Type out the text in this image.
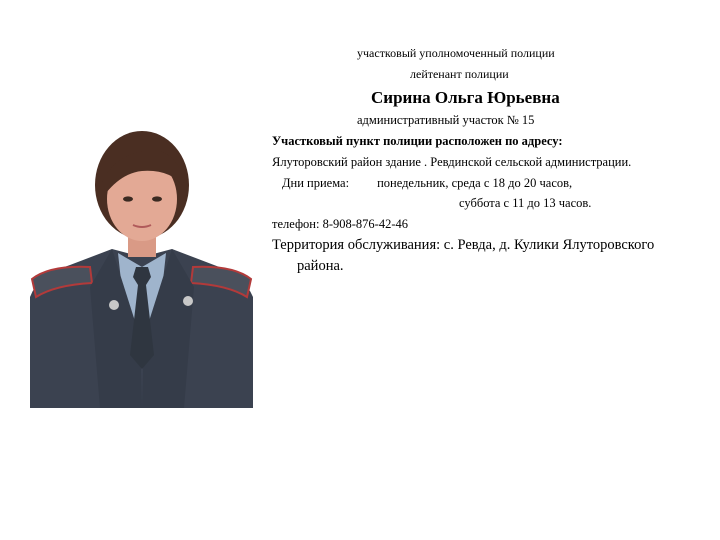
участковый уполномоченный полиции
лейтенант полиции
Сирина Ольга Юрьевна
административный участок № 15
Участковый пункт полиции расположен по адресу:
Ялуторовский район здание . Ревдинской сельской администрации.
Дни приема: понедельник, среда с 18 до 20 часов,
суббота с 11 до 13 часов.
телефон: 8-908-876-42-46
Территория обслуживания: с. Ревда, д. Кулики Ялуторовского
района.
